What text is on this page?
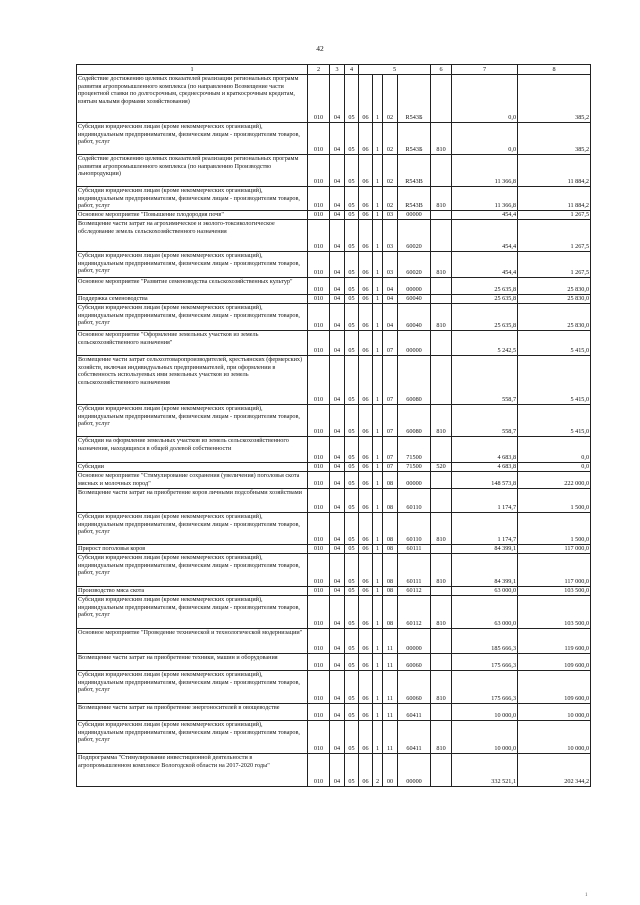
42
1	2	3	4	5				6	7	8
Содействие достижению целевых показателей реализации региональных программ развития агропромышленного комплекса (по направлению Возмещение части процентной ставки по долгосрочным, среднесрочным и краткосрочным кредитам, взятым малыми формами хозяйствования)	010	04	05	06	1	02	R543Б		0,0	385,2
Субсидии юридическим лицам (кроме некоммерческих организаций), индивидуальным предпринимателям, физическим лицам - производителям товаров, работ, услуг	010	04	05	06	1	02	R543Б	810	0,0	385,2
Содействие достижению целевых показателей реализации региональных программ развития агропромышленного комплекса (по направлению Производство льнопродукции)	010	04	05	06	1	02	R543В		11 366,8	11 884,2
Субсидии юридическим лицам (кроме некоммерческих организаций), индивидуальным предпринимателям, физическим лицам - производителям товаров, работ, услуг	010	04	05	06	1	02	R543В	810	11 366,8	11 884,2
Основное мероприятие "Повышение плодородия почв"	010	04	05	06	1	03	00000		454,4	1 267,5
Возмещение части затрат на агрохимическое и эколого-токсикологическое обследование земель сельскохозяйственного назначения	010	04	05	06	1	03	60020		454,4	1 267,5
Субсидии юридическим лицам (кроме некоммерческих организаций), индивидуальным предпринимателям, физическим лицам - производителям товаров, работ, услуг	010	04	05	06	1	03	60020	810	454,4	1 267,5
Основное мероприятие "Развитие семеноводства сельскохозяйственных культур"	010	04	05	06	1	04	00000		25 635,8	25 830,0
Поддержка семеноводства	010	04	05	06	1	04	60040		25 635,8	25 830,0
Субсидии юридическим лицам (кроме некоммерческих организаций), индивидуальным предпринимателям, физическим лицам - производителям товаров, работ, услуг	010	04	05	06	1	04	60040	810	25 635,8	25 830,0
Основное мероприятие "Оформление земельных участков из земель сельскохозяйственного назначения"	010	04	05	06	1	07	00000		5 242,5	5 415,0
Возмещение части затрат сельхозтоваропроизводителей, крестьянских (фермерских) хозяйств, включая индивидуальных предпринимателей, при оформлении в собственность используемых ими земельных участков из земель сельскохозяйственного назначения	010	04	05	06	1	07	60080		558,7	5 415,0
Субсидии юридическим лицам (кроме некоммерческих организаций), индивидуальным предпринимателям, физическим лицам - производителям товаров, работ, услуг	010	04	05	06	1	07	60080	810	558,7	5 415,0
Субсидии на оформление земельных участков из земель сельскохозяйственного назначения, находящихся в общей долевой собственности	010	04	05	06	1	07	71500		4 683,8	0,0
Субсидии	010	04	05	06	1	07	71500	520	4 683,8	0,0
Основное мероприятие "Стимулирование сохранения (увеличения) поголовья скота мясных и молочных пород"	010	04	05	06	1	08	00000		148 573,8	222 000,0
Возмещение части затрат на приобретение коров личными подсобными хозяйствами	010	04	05	06	1	08	60110		1 174,7	1 500,0
Субсидии юридическим лицам (кроме некоммерческих организаций), индивидуальным предпринимателям, физическим лицам - производителям товаров, работ, услуг	010	04	05	06	1	08	60110	810	1 174,7	1 500,0
Прирост поголовья коров	010	04	05	06	1	08	60111		84 399,1	117 000,0
Субсидии юридическим лицам (кроме некоммерческих организаций), индивидуальным предпринимателям, физическим лицам - производителям товаров, работ, услуг	010	04	05	06	1	08	60111	810	84 399,1	117 000,0
Производство мяса скота	010	04	05	06	1	08	60112		63 000,0	103 500,0
Субсидии юридическим лицам (кроме некоммерческих организаций), индивидуальным предпринимателям, физическим лицам - производителям товаров, работ, услуг	010	04	05	06	1	08	60112	810	63 000,0	103 500,0
Основное мероприятие "Проведение технической и технологической модернизации"	010	04	05	06	1	11	00000		185 666,3	119 600,0
Возмещение части затрат на приобретение техники, машин и оборудования	010	04	05	06	1	11	60060		175 666,3	109 600,0
Субсидии юридическим лицам (кроме некоммерческих организаций), индивидуальным предпринимателям, физическим лицам - производителям товаров, работ, услуг	010	04	05	06	1	11	60060	810	175 666,3	109 600,0
Возмещение части затрат на приобретение энергоносителей в овощеводстве	010	04	05	06	1	11	60411		10 000,0	10 000,0
Субсидии юридическим лицам (кроме некоммерческих организаций), индивидуальным предпринимателям, физическим лицам - производителям товаров, работ, услуг	010	04	05	06	1	11	60411	810	10 000,0	10 000,0
Подпрограмма "Стимулирование инвестиционной деятельности в агропромышленном комплексе Вологодской области на 2017-2020 годы"	010	04	05	06	2	00	00000		332 521,1	202 344,2
1
